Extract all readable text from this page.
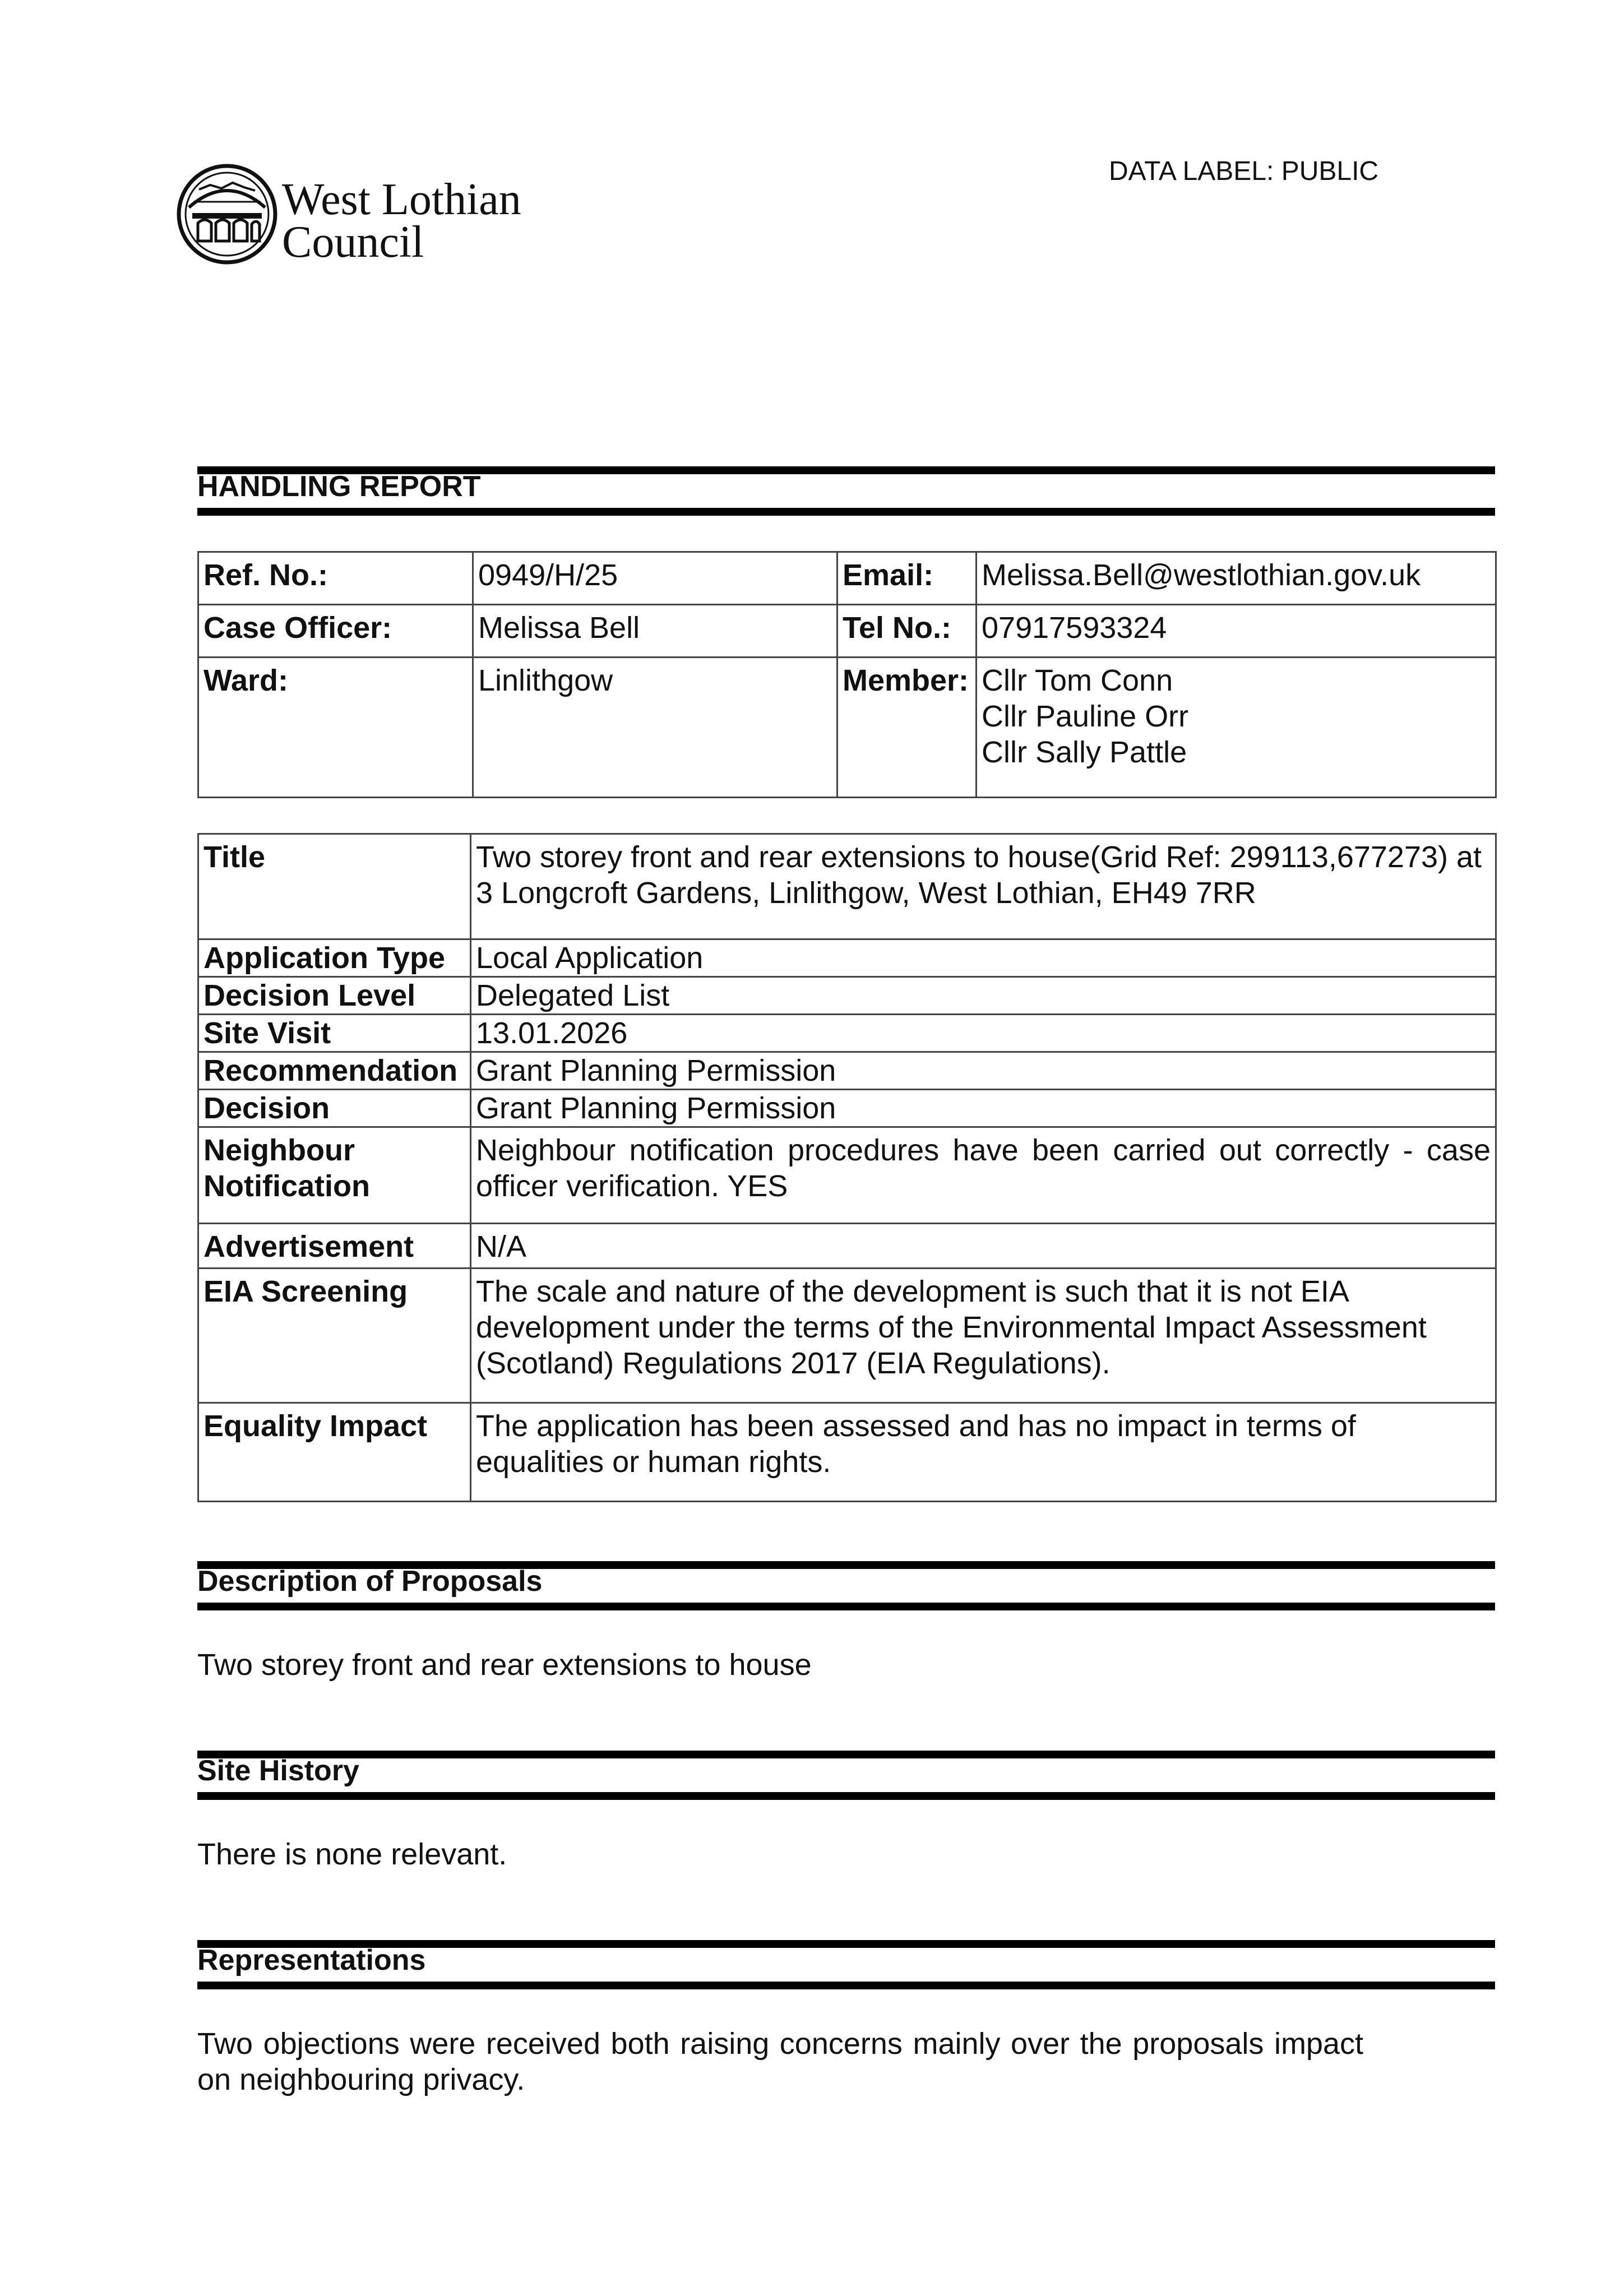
West Lothian
Council
DATA LABEL: PUBLIC
HANDLING REPORT
Ref. No.:	0949/H/25	Email:	Melissa.Bell@westlothian.gov.uk
Case Officer:	Melissa Bell	Tel No.:	07917593324
Ward:	Linlithgow	Member:	Cllr Tom Conn
Cllr Pauline Orr
Cllr Sally Pattle
Title	Two storey front and rear extensions to house(Grid Ref: 299113,677273) at 3 Longcroft Gardens, Linlithgow, West Lothian, EH49 7RR
Application Type	Local Application
Decision Level	Delegated List
Site Visit	13.01.2026
Recommendation	Grant Planning Permission
Decision	Grant Planning Permission

Neighbour
Notification	Neighbour notification procedures have been carried out correctly - case officer verification. YES
Advertisement	N/A
EIA Screening	The scale and nature of the development is such that it is not EIA development under the terms of the Environmental Impact Assessment (Scotland) Regulations 2017 (EIA Regulations).
Equality Impact	The application has been assessed and has no impact in terms of equalities or human rights.
Description of Proposals
Two storey front and rear extensions to house
Site History
There is none relevant.
Representations
Two objections were received both raising concerns mainly over the proposals impact
on neighbouring privacy.
